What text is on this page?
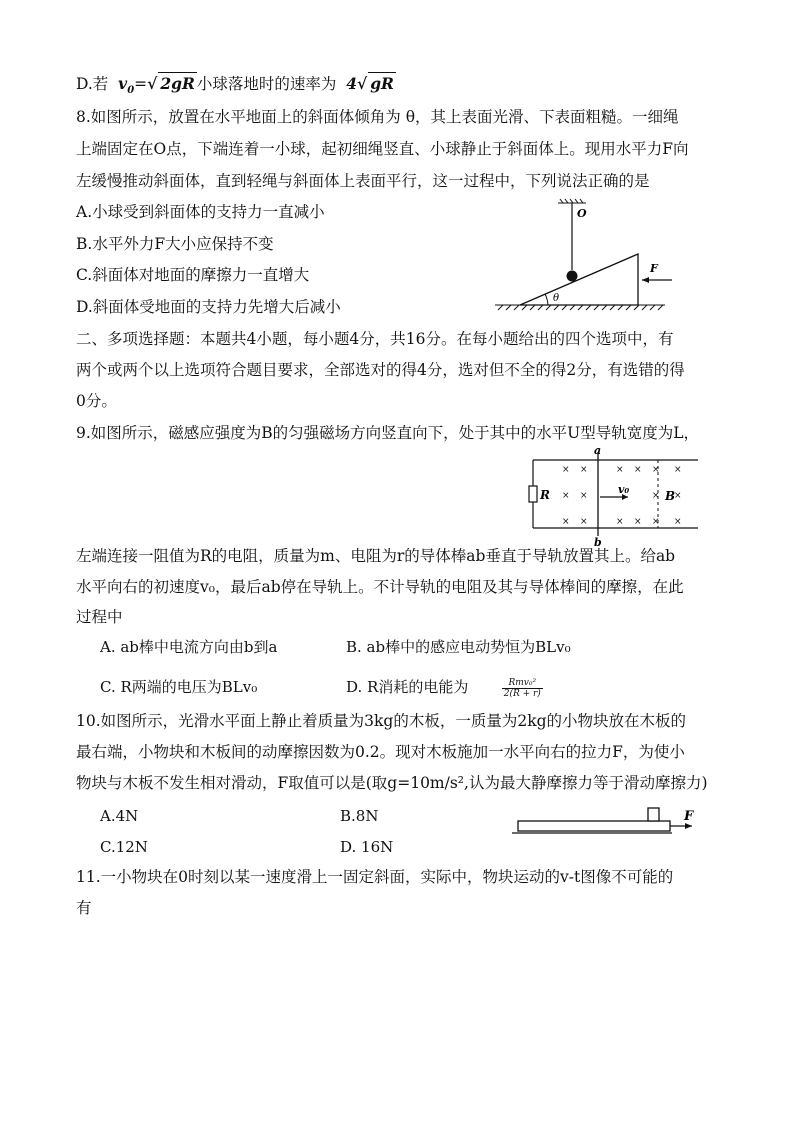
D.若 $v_0=√$ 2gR 小球落地时的速率为 4√ gR
8.如图所示，放置在水平地面上的斜面体倾角为 θ，其上表面光滑、下表面粗糙。一细绳
上端固定在O点，下端连着一小球，起初细绳竖直、小球静止于斜面体上。现用水平力F向
左缓慢推动斜面体，直到轻绳与斜面体上表面平行，这一过程中，下列说法正确的是
A.小球受到斜面体的支持力一直减小
B.水平外力F大小应保持不变
C.斜面体对地面的摩擦力一直增大
D.斜面体受地面的支持力先增大后减小
O
θ
F
二、多项选择题：本题共4小题，每小题4分，共16分。在每小题给出的四个选项中，有
两个或两个以上选项符合题目要求，全部选对的得4分，选对但不全的得2分，有选错的得
0分。
9.如图所示，磁感应强度为B的匀强磁场方向竖直向下，处于其中的水平U型导轨宽度为L，
R
a
b
v₀	B
× ×	× × × ×
× ×	× ×
× ×	× × × ×
左端连接一阻值为R的电阻，质量为m、电阻为r的导体棒ab垂直于导轨放置其上。给ab
水平向右的初速度v₀，最后ab停在导轨上。不计导轨的电阻及其与导体棒间的摩擦，在此
过程中
A. ab棒中电流方向由b到a	B. ab棒中的感应电动势恒为BLv₀
C. R两端的电压为BLv₀	D. R消耗的电能为	$\frac{\text{Rmv₀²}}{2(R + r)}$
10.如图所示，光滑水平面上静止着质量为3kg的木板，一质量为2kg的小物块放在木板的
最右端，小物块和木板间的动摩擦因数为0.2。现对木板施加一水平向右的拉力F，为使小
物块与木板不发生相对滑动，F取值可以是(取g=10m/s²,认为最大静摩擦力等于滑动摩擦力)
A.4N	B.8N
C.12N	D. 16N
F
11.一小物块在0时刻以某一速度滑上一固定斜面，实际中，物块运动的v-t图像不可能的
有
